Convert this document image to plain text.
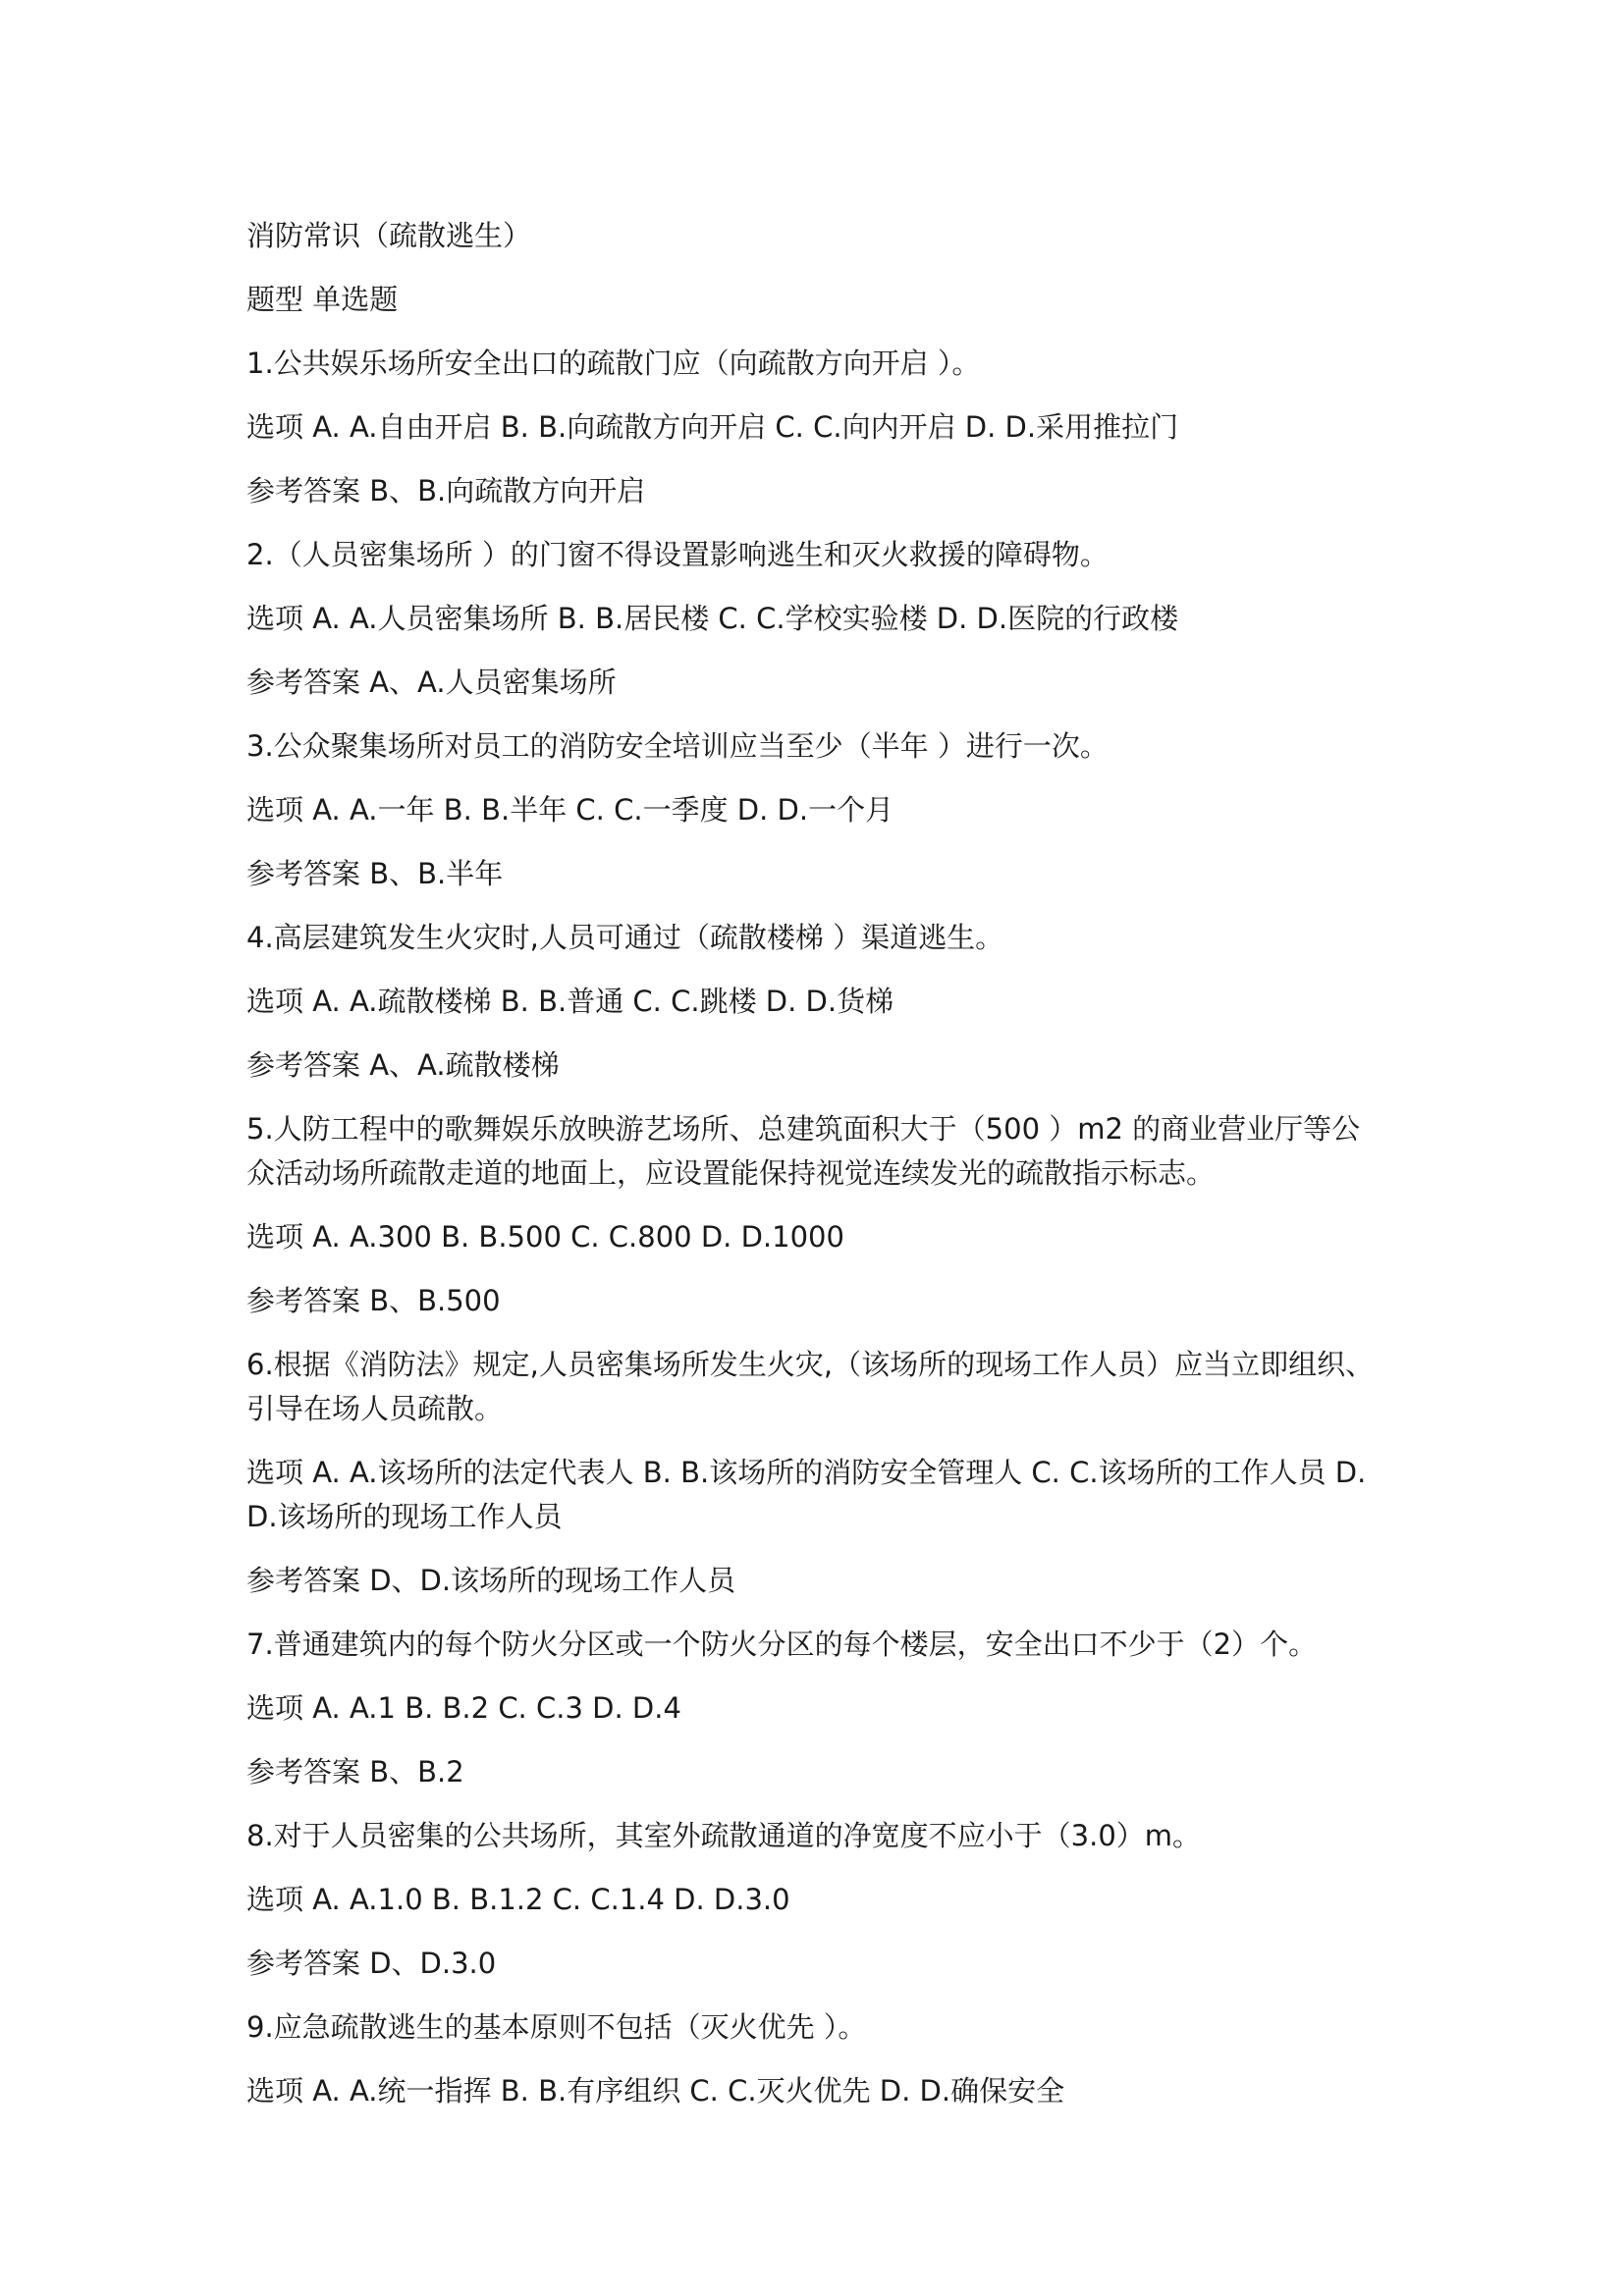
消防常识（疏散逃生）

题型 单选题

1.公共娱乐场所安全出口的疏散门应（向疏散方向开启 ）。

选项 A. A.自由开启 B. B.向疏散方向开启 C. C.向内开启 D. D.采用推拉门

参考答案 B、B.向疏散方向开启

2.（人员密集场所 ）的门窗不得设置影响逃生和灭火救援的障碍物。

选项 A. A.人员密集场所 B. B.居民楼 C. C.学校实验楼 D. D.医院的行政楼

参考答案 A、A.人员密集场所

3.公众聚集场所对员工的消防安全培训应当至少（半年 ）进行一次。

选项 A. A.一年 B. B.半年 C. C.一季度 D. D.一个月

参考答案 B、B.半年

4.高层建筑发生火灾时,人员可通过（疏散楼梯 ）渠道逃生。

选项 A. A.疏散楼梯 B. B.普通 C. C.跳楼 D. D.货梯

参考答案 A、A.疏散楼梯

5.人防工程中的歌舞娱乐放映游艺场所、总建筑面积大于（500 ）m2 的商业营业厅等公众活动场所疏散走道的地面上，应设置能保持视觉连续发光的疏散指示标志。

选项 A. A.300 B. B.500 C. C.800 D. D.1000

参考答案 B、B.500

6.根据《消防法》规定,人员密集场所发生火灾,（该场所的现场工作人员）应当立即组织、引导在场人员疏散。

选项 A. A.该场所的法定代表人 B. B.该场所的消防安全管理人 C. C.该场所的工作人员 D. D.该场所的现场工作人员

参考答案 D、D.该场所的现场工作人员

7.普通建筑内的每个防火分区或一个防火分区的每个楼层，安全出口不少于（2）个。

选项 A. A.1 B. B.2 C. C.3 D. D.4

参考答案 B、B.2

8.对于人员密集的公共场所，其室外疏散通道的净宽度不应小于（3.0）m。

选项 A. A.1.0 B. B.1.2 C. C.1.4 D. D.3.0

参考答案 D、D.3.0

9.应急疏散逃生的基本原则不包括（灭火优先 ）。

选项 A. A.统一指挥 B. B.有序组织 C. C.灭火优先 D. D.确保安全
